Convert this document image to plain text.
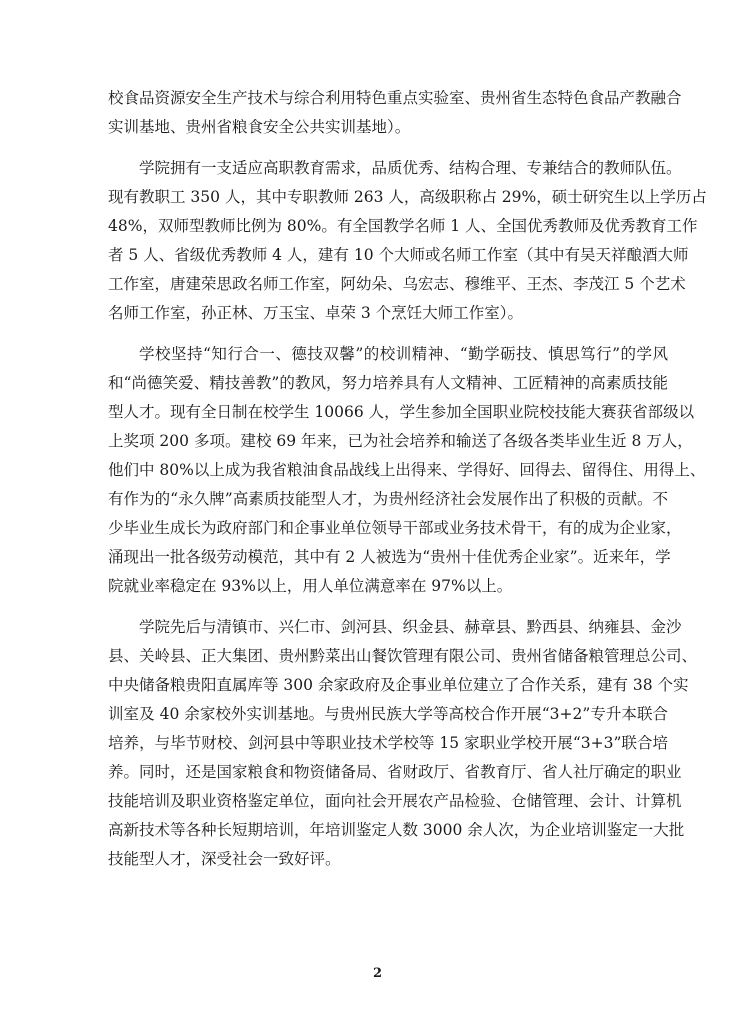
校食品资源安全生产技术与综合利用特色重点实验室、贵州省生态特色食品产教融合
实训基地、贵州省粮食安全公共实训基地）。
学院拥有一支适应高职教育需求，品质优秀、结构合理、专兼结合的教师队伍。
现有教职工 350 人，其中专职教师 263 人，高级职称占 29%，硕士研究生以上学历占
48%，双师型教师比例为 80%。有全国教学名师 1 人、全国优秀教师及优秀教育工作
者 5 人、省级优秀教师 4 人，建有 10 个大师或名师工作室（其中有吴天祥酿酒大师
工作室，唐建荣思政名师工作室，阿幼朵、乌宏志、穆维平、王杰、李茂江 5 个艺术
名师工作室，孙正林、万玉宝、卓荣 3 个烹饪大师工作室）。
学校坚持“知行合一、德技双馨”的校训精神、“勤学砺技、慎思笃行”的学风
和“尚德笑爱、精技善教”的教风，努力培养具有人文精神、工匠精神的高素质技能
型人才。现有全日制在校学生 10066 人，学生参加全国职业院校技能大赛获省部级以
上奖项 200 多项。建校 69 年来，已为社会培养和输送了各级各类毕业生近 8 万人，
他们中 80%以上成为我省粮油食品战线上出得来、学得好、回得去、留得住、用得上、
有作为的“永久牌”高素质技能型人才，为贵州经济社会发展作出了积极的贡献。不
少毕业生成长为政府部门和企事业单位领导干部或业务技术骨干，有的成为企业家，
涌现出一批各级劳动模范，其中有 2 人被选为“贵州十佳优秀企业家”。近来年，学
院就业率稳定在 93%以上，用人单位满意率在 97%以上。
学院先后与清镇市、兴仁市、剑河县、织金县、赫章县、黔西县、纳雍县、金沙
县、关岭县、正大集团、贵州黔菜出山餐饮管理有限公司、贵州省储备粮管理总公司、
中央储备粮贵阳直属库等 300 余家政府及企事业单位建立了合作关系，建有 38 个实
训室及 40 余家校外实训基地。与贵州民族大学等高校合作开展“3+2”专升本联合
培养，与毕节财校、剑河县中等职业技术学校等 15 家职业学校开展“3+3”联合培
养。同时，还是国家粮食和物资储备局、省财政厅、省教育厅、省人社厅确定的职业
技能培训及职业资格鉴定单位，面向社会开展农产品检验、仓储管理、会计、计算机
高新技术等各种长短期培训，年培训鉴定人数 3000 余人次，为企业培训鉴定一大批
技能型人才，深受社会一致好评。
2
